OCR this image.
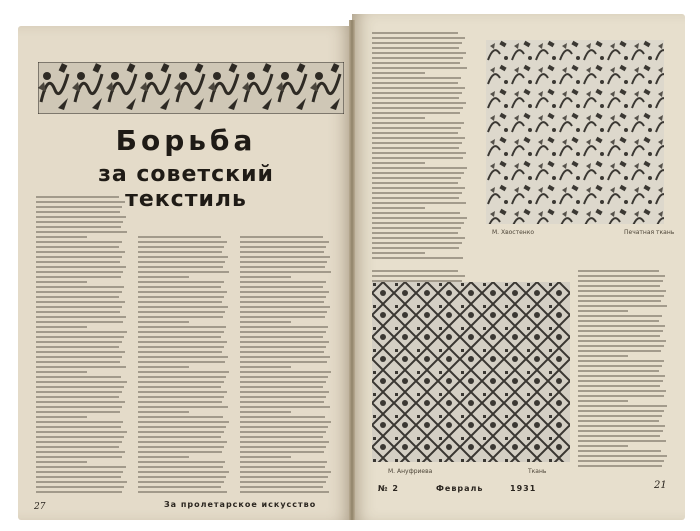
Борьба
за советский текстиль
27	За пролетарское искусство
М. Хвостенко	Печатная ткань
М. Ануфриева	Ткань
№ 2	Февраль	1931	21
